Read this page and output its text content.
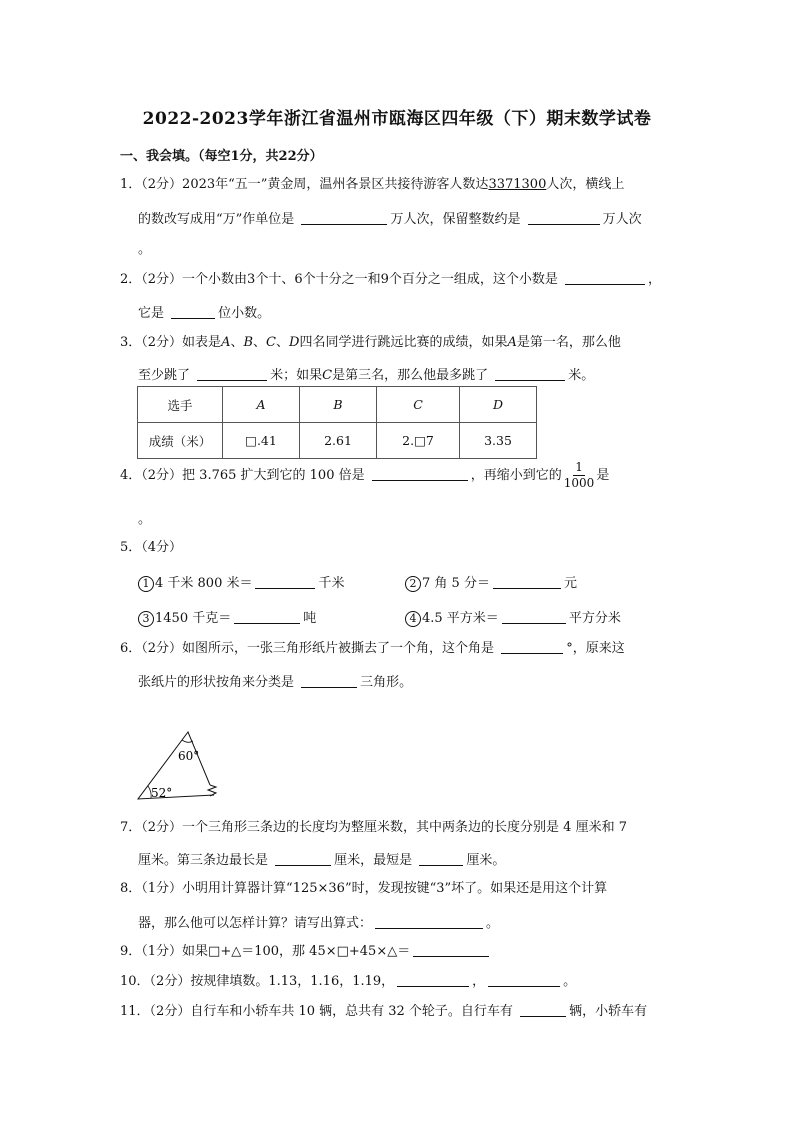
2022-2023学年浙江省温州市瓯海区四年级（下）期末数学试卷
一、我会填。（每空1分，共22分）
1．（2分）2023年“五一”黄金周，温州各景区共接待游客人数达3371300人次，横线上
的数改写成用“万”作单位是	万人次，保留整数约是	万人次
。
2．（2分）一个小数由3个十、6个十分之一和9个百分之一组成，这个小数是	，
它是	位小数。
3．（2分）如表是A、B、C、D四名同学进行跳远比赛的成绩，如果A是第一名，那么他
至少跳了	米；如果C是第三名，那么他最多跳了	米。
选手	A	B	C	D
成绩（米）	□.41	2.61	2.□7	3.35
4．（2分）把 3.765 扩大到它的 100 倍是	，再缩小到它的 $\frac{1}{1000}$ 是
。
5．（4分）
1 4 千米 800 米＝	千米	2 7 角 5 分＝	元
3 1450 千克＝	吨	4 4.5 平方米＝	平方分米
6．（2分）如图所示，一张三角形纸片被撕去了一个角，这个角是	°，原来这
张纸片的形状按角来分类是	三角形。
60°
52°
7．（2分）一个三角形三条边的长度均为整厘米数，其中两条边的长度分别是 4 厘米和 7
厘米。第三条边最长是	厘米，最短是	厘米。
8．（1分）小明用计算器计算“125×36”时，发现按键“3”坏了。如果还是用这个计算
器，那么他可以怎样计算？请写出算式：	。
9．（1分）如果□+△＝100，那 45×□+45×△＝
10．（2分）按规律填数。1.13，1.16，1.19，	，	。
11．（2分）自行车和小轿车共 10 辆，总共有 32 个轮子。自行车有	辆，小轿车有
